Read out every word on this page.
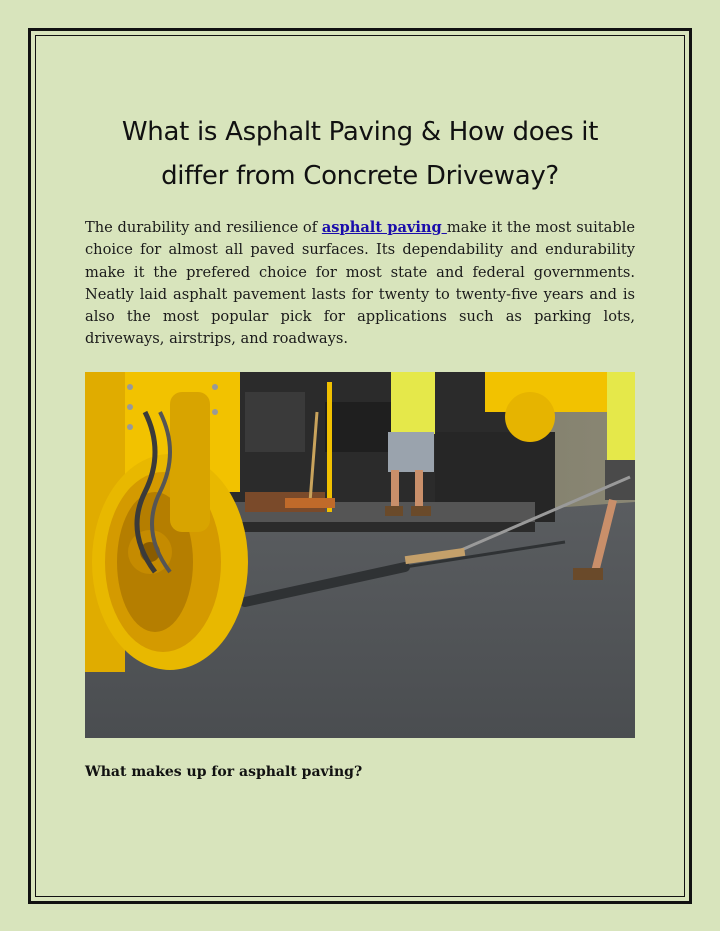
What is Asphalt Paving & How does it
differ from Concrete Driveway?
The durability and resilience of asphalt paving make it the most suitable choice for almost all paved surfaces. Its dependability and endurability make it the prefered choice for most state and federal governments. Neatly laid asphalt pavement lasts for twenty to twenty-five years and is also the most popular pick for applications such as parking lots, driveways, airstrips, and roadways.
What makes up for asphalt paving?
